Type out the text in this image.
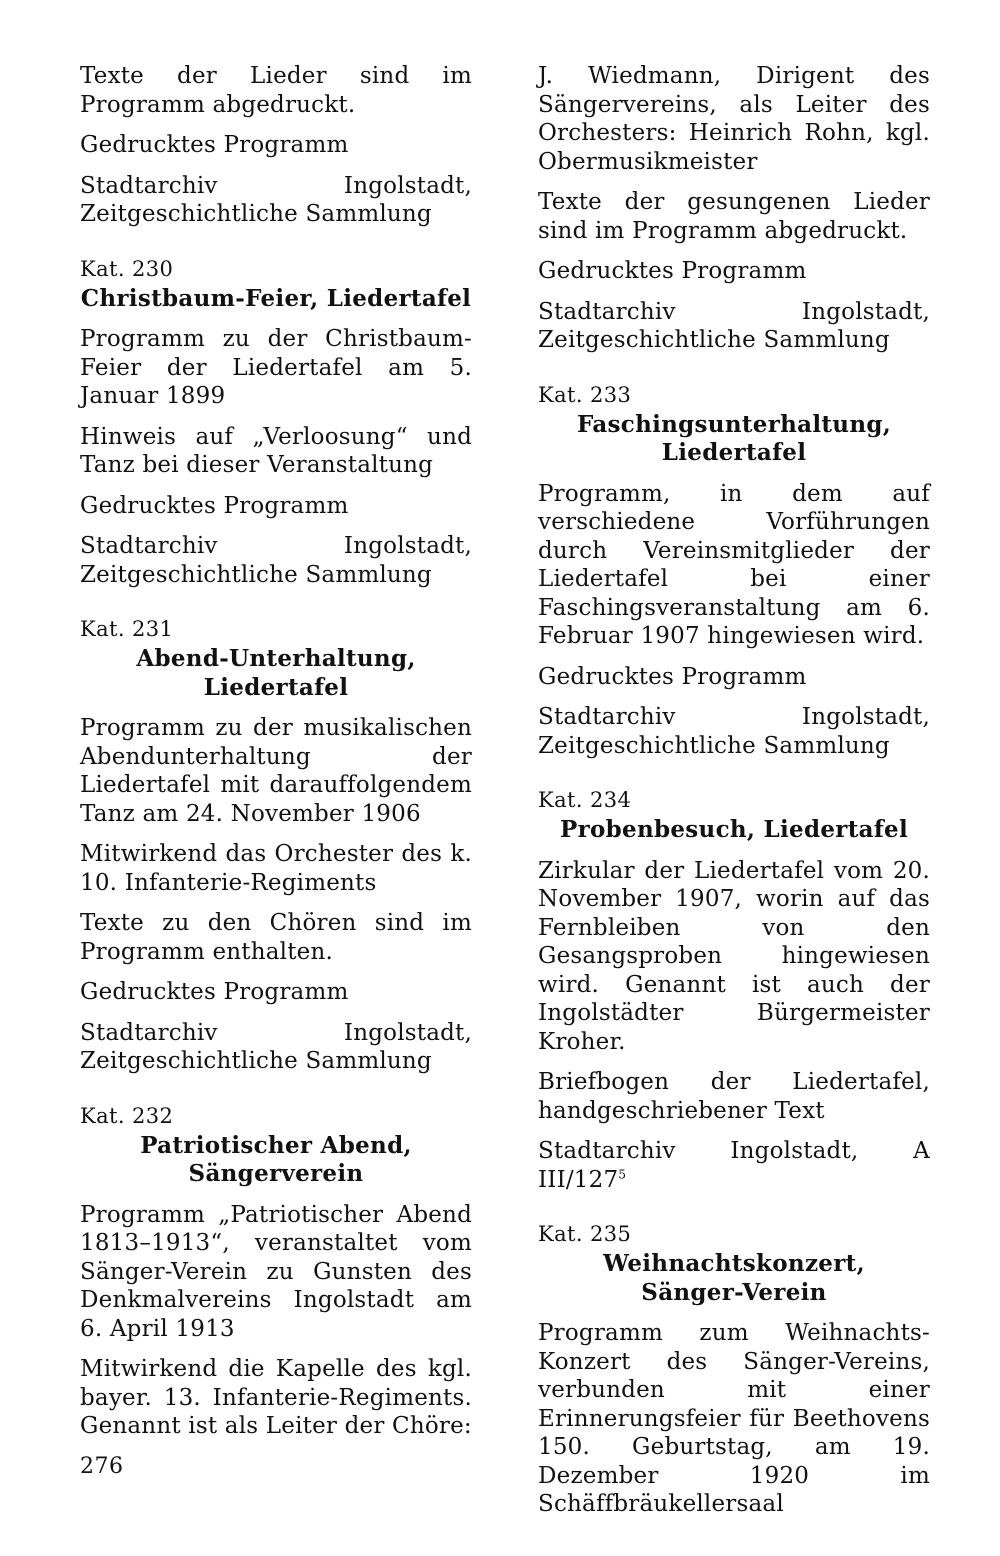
Texte der Lieder sind im Programm abgedruckt.

Gedrucktes Programm

Stadtarchiv Ingolstadt, Zeitgeschichtliche Sammlung

Kat. 230
Christbaum-Feier, Liedertafel

Programm zu der Christbaum-Feier der Liedertafel am 5. Januar 1899

Hinweis auf „Verloosung“ und Tanz bei dieser Veranstaltung

Gedrucktes Programm

Stadtarchiv Ingolstadt, Zeitgeschichtliche Sammlung

Kat. 231
Abend-Unterhaltung, Liedertafel

Programm zu der musikalischen Abendunterhaltung der Liedertafel mit darauffolgendem Tanz am 24. November 1906

Mitwirkend das Orchester des k. 10. Infanterie-Regiments

Texte zu den Chören sind im Programm enthalten.

Gedrucktes Programm

Stadtarchiv Ingolstadt, Zeitgeschichtliche Sammlung

Kat. 232
Patriotischer Abend,
Sängerverein

Programm „Patriotischer Abend 1813–1913“, veranstaltet vom Sänger-Verein zu Gunsten des Denkmalvereins Ingolstadt am 6. April 1913

Mitwirkend die Kapelle des kgl. bayer. 13. Infanterie-Regiments. Genannt ist als Leiter der Chöre:

J. Wiedmann, Dirigent des Sängervereins, als Leiter des Orchesters: Heinrich Rohn, kgl. Obermusikmeister

Texte der gesungenen Lieder sind im Programm abgedruckt.

Gedrucktes Programm

Stadtarchiv Ingolstadt, Zeitgeschichtliche Sammlung

Kat. 233
Faschingsunterhaltung,
Liedertafel

Programm, in dem auf verschiedene Vorführungen durch Vereinsmitglieder der Liedertafel bei einer Faschingsveranstaltung am 6. Februar 1907 hingewiesen wird.

Gedrucktes Programm

Stadtarchiv Ingolstadt, Zeitgeschichtliche Sammlung

Kat. 234
Probenbesuch, Liedertafel

Zirkular der Liedertafel vom 20. November 1907, worin auf das Fernbleiben von den Gesangsproben hingewiesen wird. Genannt ist auch der Ingolstädter Bürgermeister Kroher.

Briefbogen der Liedertafel, handgeschriebener Text

Stadtarchiv Ingolstadt, A III/$127^5$

Kat. 235
Weihnachtskonzert,
Sänger-Verein

Programm zum Weihnachts-Konzert des Sänger-Vereins, verbunden mit einer Erinnerungsfeier für Beethovens 150. Geburtstag, am 19. Dezember 1920 im Schäffbräukellersaal

276
